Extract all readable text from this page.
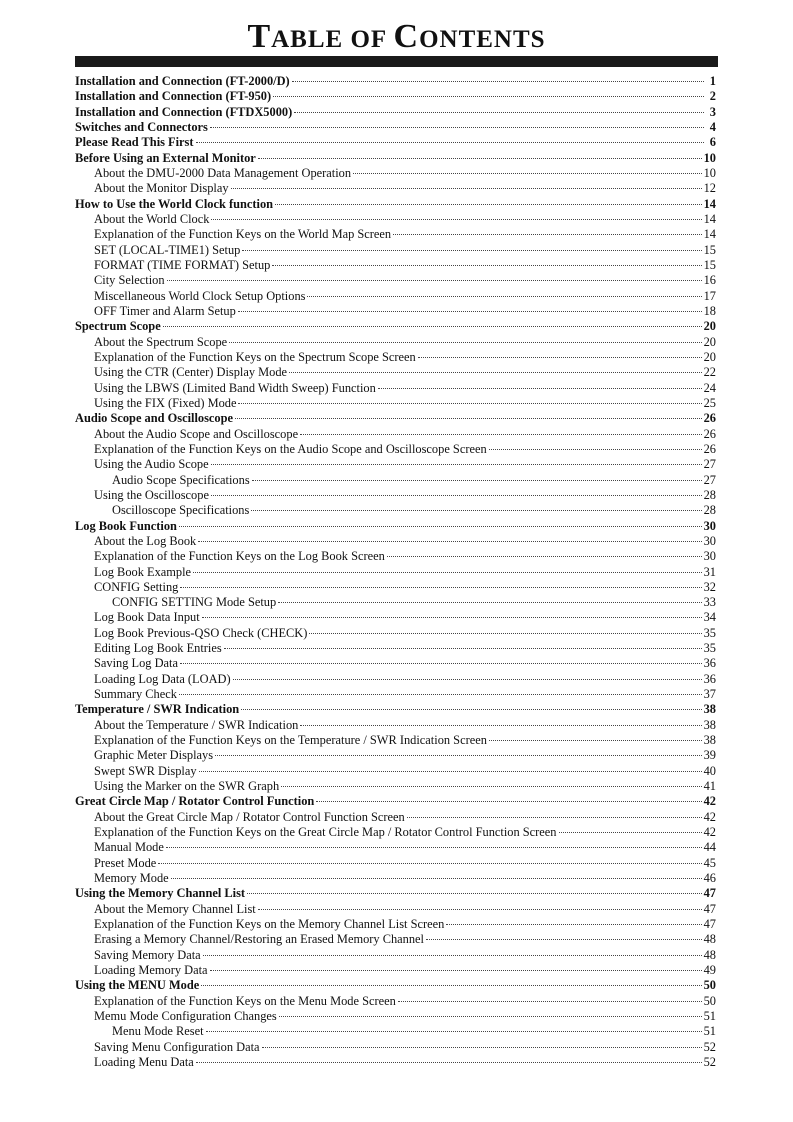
TABLE OF CONTENTS
Installation and Connection (FT-2000/D)	1
Installation and Connection (FT-950)	2
Installation and Connection (FTDX5000)	3
Switches and Connectors	4
Please Read This First	6
Before Using an External Monitor	10
About the DMU-2000 Data Management Operation	10
About the Monitor Display	12
How to Use the World Clock function	14
About the World Clock	14
Explanation of the Function Keys on the World Map Screen	14
SET (LOCAL-TIME1) Setup	15
FORMAT (TIME FORMAT) Setup	15
City Selection	16
Miscellaneous World Clock Setup Options	17
OFF Timer and Alarm Setup	18
Spectrum Scope	20
About the Spectrum Scope	20
Explanation of the Function Keys on the Spectrum Scope Screen	20
Using the CTR (Center) Display Mode	22
Using the LBWS (Limited Band Width Sweep) Function	24
Using the FIX (Fixed) Mode	25
Audio Scope and Oscilloscope	26
About the Audio Scope and Oscilloscope	26
Explanation of the Function Keys on the Audio Scope and Oscilloscope Screen	26
Using the Audio Scope	27
Audio Scope Specifications	27
Using the Oscilloscope	28
Oscilloscope Specifications	28
Log Book Function	30
About the Log Book	30
Explanation of the Function Keys on the Log Book Screen	30
Log Book Example	31
CONFIG Setting	32
CONFIG SETTING Mode Setup	33
Log Book Data Input	34
Log Book Previous-QSO Check (CHECK)	35
Editing Log Book Entries	35
Saving Log Data	36
Loading Log Data (LOAD)	36
Summary Check	37
Temperature / SWR Indication	38
About the Temperature / SWR Indication	38
Explanation of the Function Keys on the Temperature / SWR Indication Screen	38
Graphic Meter Displays	39
Swept SWR Display	40
Using the Marker on the SWR Graph	41
Great Circle Map / Rotator Control Function	42
About the Great Circle Map / Rotator Control Function Screen	42
Explanation of the Function Keys on the Great Circle Map / Rotator Control Function Screen	42
Manual Mode	44
Preset Mode	45
Memory Mode	46
Using the Memory Channel List	47
About the Memory Channel List	47
Explanation of the Function Keys on the Memory Channel List Screen	47
Erasing a Memory Channel/Restoring an Erased Memory Channel	48
Saving Memory Data	48
Loading Memory Data	49
Using the MENU Mode	50
Explanation of the Function Keys on the Menu Mode Screen	50
Memu Mode Configuration Changes	51
Menu Mode Reset	51
Saving Menu Configuration Data	52
Loading Menu Data	52
